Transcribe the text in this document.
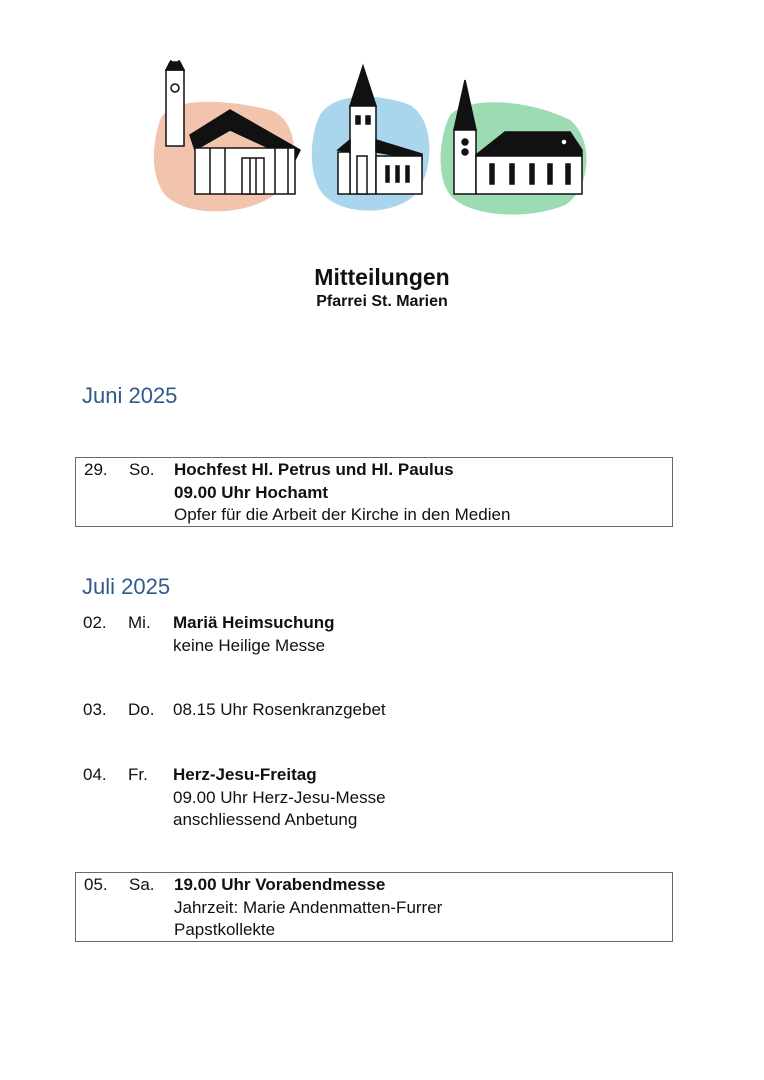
Mitteilungen
Pfarrei St. Marien
Juni 2025
29. So. Hochfest Hl. Petrus und Hl. Paulus
09.00 Uhr Hochamt
Opfer für die Arbeit der Kirche in den Medien
Juli 2025
02. Mi. Mariä Heimsuchung
keine Heilige Messe
03. Do. 08.15 Uhr Rosenkranzgebet
04. Fr. Herz-Jesu-Freitag
09.00 Uhr Herz-Jesu-Messe
anschliessend Anbetung
05. Sa. 19.00 Uhr Vorabendmesse
Jahrzeit: Marie Andenmatten-Furrer
Papstkollekte
